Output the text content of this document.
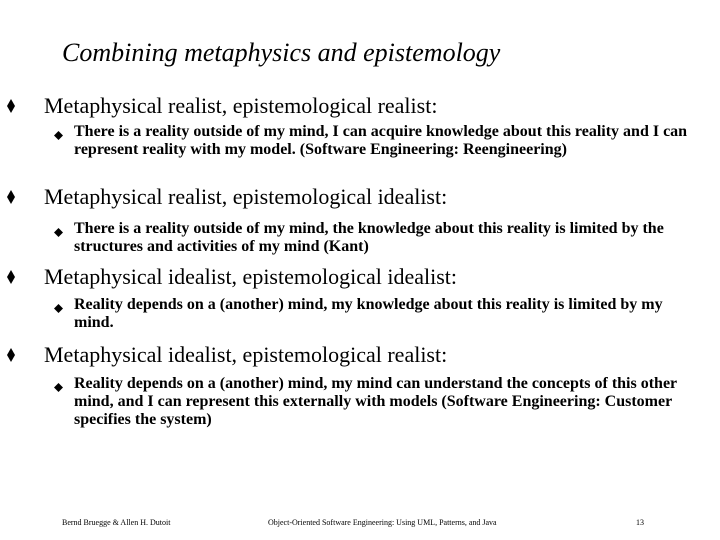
Combining metaphysics and epistemology
Metaphysical realist, epistemological realist:
There is a reality outside of my mind, I can acquire knowledge about this reality and I can represent reality with my model. (Software Engineering: Reengineering)
Metaphysical realist, epistemological idealist:
There is a reality outside of my mind, the knowledge about this reality is limited by the structures and activities of my mind (Kant)
Metaphysical idealist, epistemological idealist:
Reality depends on a (another) mind, my knowledge about this reality is limited by my mind.
Metaphysical idealist, epistemological realist:
Reality depends on a (another) mind, my mind can understand the concepts of this other mind, and I can represent this externally with models (Software Engineering: Customer specifies the system)
Bernd Bruegge & Allen H. Dutoit	Object-Oriented Software Engineering: Using UML, Patterns, and Java	13
